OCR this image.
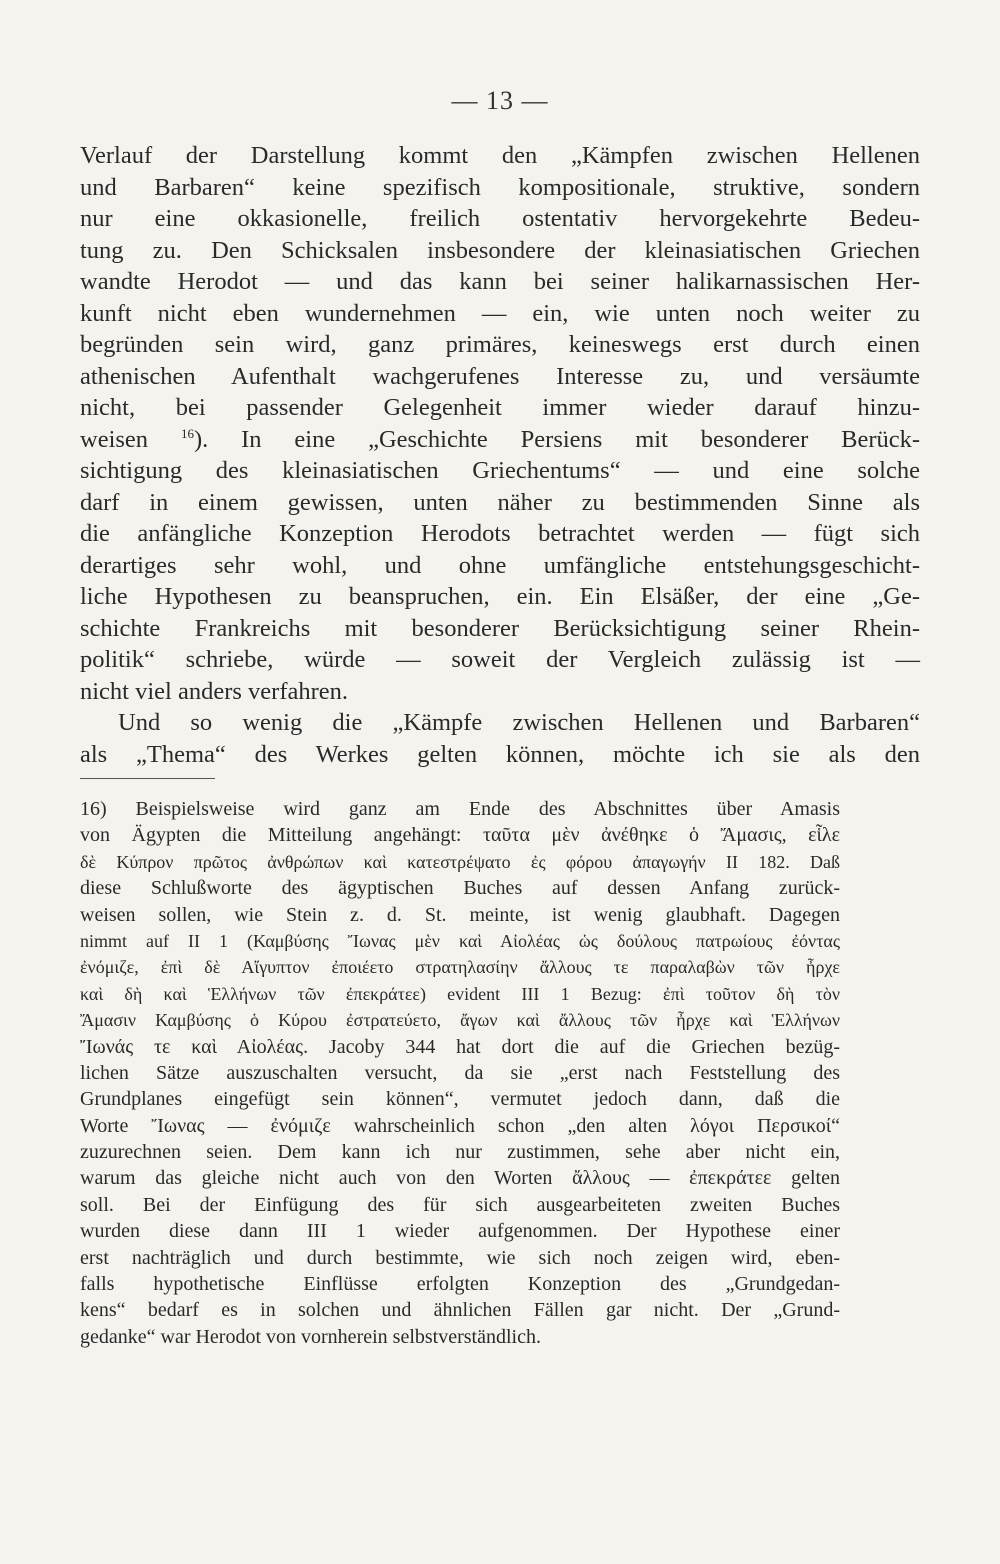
— 13 —
Verlauf der Darstellung kommt den „Kämpfen zwischen Hellenen
und Barbaren“ keine spezifisch kompositionale, struktive, sondern
nur eine okkasionelle, freilich ostentativ hervorgekehrte Bedeu-
tung zu. Den Schicksalen insbesondere der kleinasiatischen Griechen
wandte Herodot — und das kann bei seiner halikarnassischen Her-
kunft nicht eben wundernehmen — ein, wie unten noch weiter zu
begründen sein wird, ganz primäres, keineswegs erst durch einen
athenischen Aufenthalt wachgerufenes Interesse zu, und versäumte
nicht, bei passender Gelegenheit immer wieder darauf hinzu-
weisen	$^{16}$). In eine „Geschichte Persiens mit besonderer Berück-
sichtigung des kleinasiatischen Griechentums“ — und eine solche
darf in einem gewissen, unten näher zu bestimmenden Sinne als
die anfängliche Konzeption Herodots betrachtet werden — fügt sich
derartiges sehr wohl, und ohne umfängliche entstehungsgeschicht-
liche Hypothesen zu beanspruchen, ein. Ein Elsäßer, der eine „Ge-
schichte Frankreichs mit besonderer Berücksichtigung seiner Rhein-
politik“ schriebe, würde — soweit der Vergleich zulässig ist —
nicht viel anders verfahren.
Und so wenig die „Kämpfe zwischen Hellenen und Barbaren“
als „Thema“ des Werkes gelten können, möchte ich sie als den
16) Beispielsweise wird ganz am Ende des Abschnittes über Amasis
von Ägypten die Mitteilung angehängt: ταῦτα μὲν ἀνέθηκε ὁ Ἄμασις, εἷλε
δὲ Κύπρον πρῶτος ἀνθρώπων καὶ κατεστρέψατο ἐς φόρου ἀπαγωγήν II 182. Daß
diese Schlußworte des ägyptischen Buches auf dessen Anfang zurück-
weisen sollen, wie Stein z. d. St. meinte, ist wenig glaubhaft. Dagegen
nimmt auf II 1 (Καμβύσης Ἴωνας μὲν καὶ Αἰολέας ὡς δούλους πατρωίους ἐόντας
ἐνόμιζε, ἐπὶ δὲ Αἴγυπτον ἐποιέετο στρατηλασίην ἄλλους τε παραλαβὼν τῶν ἦρχε
καὶ δὴ καὶ Ἑλλήνων τῶν ἐπεκράτεε) evident III 1 Bezug: ἐπὶ τοῦτον δὴ τὸν
Ἄμασιν Καμβύσης ὁ Κύρου ἐστρατεύετο, ἄγων καὶ ἄλλους τῶν ἦρχε καὶ Ἑλλήνων
Ἴωνάς τε καὶ Αἰολέας. Jacoby 344 hat dort die auf die Griechen bezüg-
lichen Sätze auszuschalten versucht, da sie „erst nach Feststellung des
Grundplanes eingefügt sein können“, vermutet jedoch dann, daß die
Worte Ἴωνας — ἐνόμιζε wahrscheinlich schon „den alten λόγοι Περσικοί“
zuzurechnen seien. Dem kann ich nur zustimmen, sehe aber nicht ein,
warum das gleiche nicht auch von den Worten ἄλλους — ἐπεκράτεε gelten
soll. Bei der Einfügung des für sich ausgearbeiteten zweiten Buches
wurden diese dann III 1 wieder aufgenommen. Der Hypothese einer
erst nachträglich und durch bestimmte, wie sich noch zeigen wird, eben-
falls hypothetische Einflüsse erfolgten Konzeption des „Grundgedan-
kens“ bedarf es in solchen und ähnlichen Fällen gar nicht. Der „Grund-
gedanke“ war Herodot von vornherein selbstverständlich.
